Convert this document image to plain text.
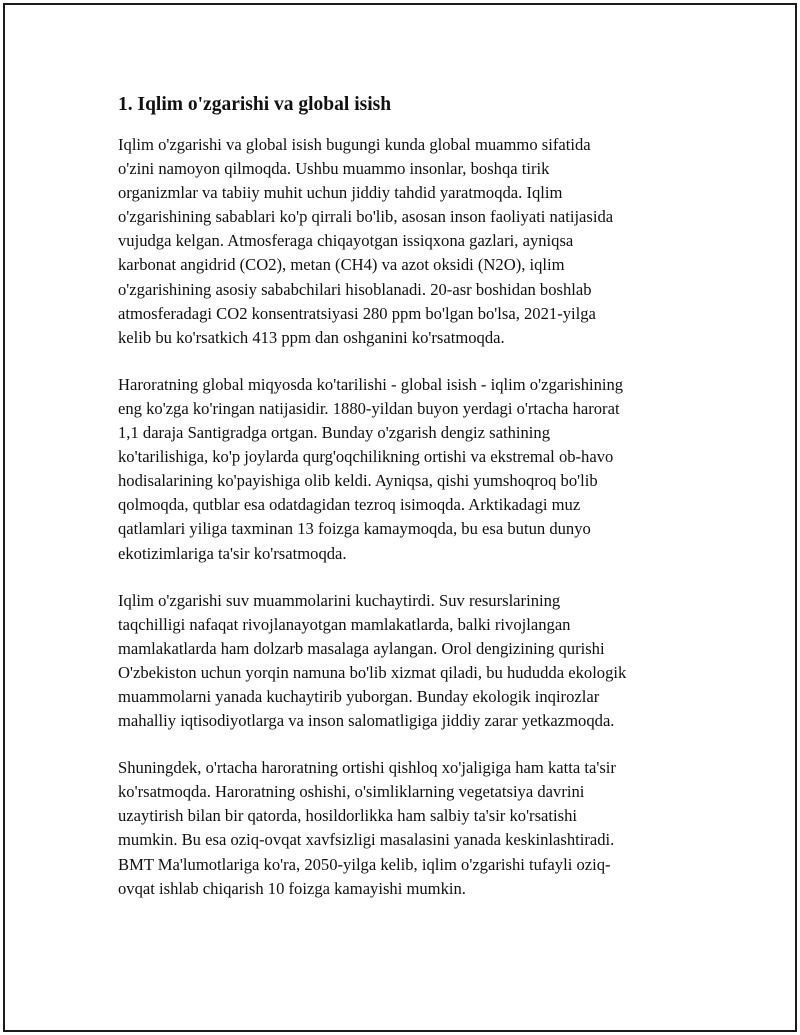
1. Iqlim o'zgarishi va global isish
Iqlim o'zgarishi va global isish bugungi kunda global muammo sifatida
o'zini namoyon qilmoqda. Ushbu muammo insonlar, boshqa tirik
organizmlar va tabiiy muhit uchun jiddiy tahdid yaratmoqda. Iqlim
o'zgarishining sabablari ko'p qirrali bo'lib, asosan inson faoliyati natijasida
vujudga kelgan. Atmosferaga chiqayotgan issiqxona gazlari, ayniqsa
karbonat angidrid (CO2), metan (CH4) va azot oksidi (N2O), iqlim
o'zgarishining asosiy sababchilari hisoblanadi. 20-asr boshidan boshlab
atmosferadagi CO2 konsentratsiyasi 280 ppm bo'lgan bo'lsa, 2021-yilga
kelib bu ko'rsatkich 413 ppm dan oshganini ko'rsatmoqda.
Haroratning global miqyosda ko'tarilishi - global isish - iqlim o'zgarishining
eng ko'zga ko'ringan natijasidir. 1880-yildan buyon yerdagi o'rtacha harorat
1,1 daraja Santigradga ortgan. Bunday o'zgarish dengiz sathining
ko'tarilishiga, ko'p joylarda qurg'oqchilikning ortishi va ekstremal ob-havo
hodisalarining ko'payishiga olib keldi. Ayniqsa, qishi yumshoqroq bo'lib
qolmoqda, qutblar esa odatdagidan tezroq isimoqda. Arktikadagi muz
qatlamlari yiliga taxminan 13 foizga kamaymoqda, bu esa butun dunyo
ekotizimlariga ta'sir ko'rsatmoqda.
Iqlim o'zgarishi suv muammolarini kuchaytirdi. Suv resurslarining
taqchilligi nafaqat rivojlanayotgan mamlakatlarda, balki rivojlangan
mamlakatlarda ham dolzarb masalaga aylangan. Orol dengizining qurishi
O'zbekiston uchun yorqin namuna bo'lib xizmat qiladi, bu hududda ekologik
muammolarni yanada kuchaytirib yuborgan. Bunday ekologik inqirozlar
mahalliy iqtisodiyotlarga va inson salomatligiga jiddiy zarar yetkazmoqda.
Shuningdek, o'rtacha haroratning ortishi qishloq xo'jaligiga ham katta ta'sir
ko'rsatmoqda. Haroratning oshishi, o'simliklarning vegetatsiya davrini
uzaytirish bilan bir qatorda, hosildorlikka ham salbiy ta'sir ko'rsatishi
mumkin. Bu esa oziq-ovqat xavfsizligi masalasini yanada keskinlashtiradi.
BMT Ma'lumotlariga ko'ra, 2050-yilga kelib, iqlim o'zgarishi tufayli oziq-
ovqat ishlab chiqarish 10 foizga kamayishi mumkin.
